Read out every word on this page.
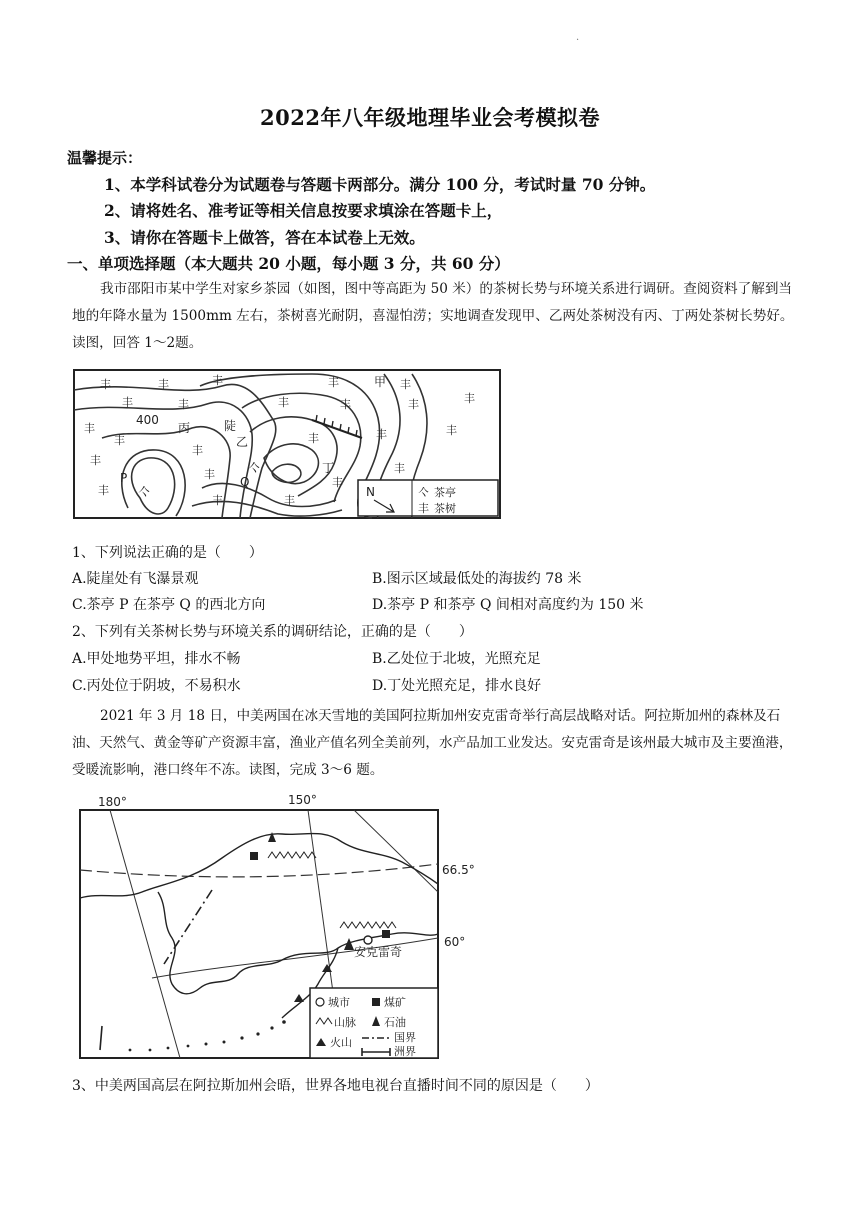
.
2022年八年级地理毕业会考模拟卷
温馨提示：
1、本学科试卷分为试题卷与答题卡两部分。满分 100 分，考试时量 70 分钟。
2、请将姓名、准考证等相关信息按要求填涂在答题卡上，
3、请你在答题卡上做答，答在本试卷上无效。
一、单项选择题（本大题共 20 小题，每小题 3 分，共 60 分）

我市邵阳市某中学生对家乡茶园（如图，图中等高距为 50 米）的茶树长势与环境关系进行调研。查阅资料了解到当地的年降水量为 1500mm 左右，茶树喜光耐阴，喜湿怕涝；实地调查发现甲、乙两处茶树没有丙、丁两处茶树长势好。读图，回答 1～2题。

400
甲
乙
丙
丁
P	Q
陡
丰	丰	丰	丰	丰
丰	丰	丰	丰	丰	丰
丰
丰
丰
丰	丰	丰
丰
丰
丰
丰
丰
丰	丰
亽
亽
N	亽 茶亭
丰 茶树
1、下列说法正确的是（　　）
A.陡崖处有飞瀑景观	B.图示区域最低处的海拔约 78 米
C.茶亭 P 在茶亭 Q 的西北方向	D.茶亭 P 和茶亭 Q 间相对高度约为 150 米
2、下列有关茶树长势与环境关系的调研结论，正确的是（　　）
A.甲处地势平坦，排水不畅	B.乙处位于北坡，光照充足
C.丙处位于阴坡，不易积水	D.丁处光照充足，排水良好

2021 年 3 月 18 日，中美两国在冰天雪地的美国阿拉斯加州安克雷奇举行高层战略对话。阿拉斯加州的森林及石油、天然气、黄金等矿产资源丰富，渔业产值名列全美前列，水产品加工业发达。安克雷奇是该州最大城市及主要渔港，受暖流影响，港口终年不冻。读图，完成 3～6 题。

180°	150°
安克雷奇
66.5°
60°
城市	煤矿
山脉	石油
火山	国界
洲界
3、中美两国高层在阿拉斯加州会晤，世界各地电视台直播时间不同的原因是（　　）
